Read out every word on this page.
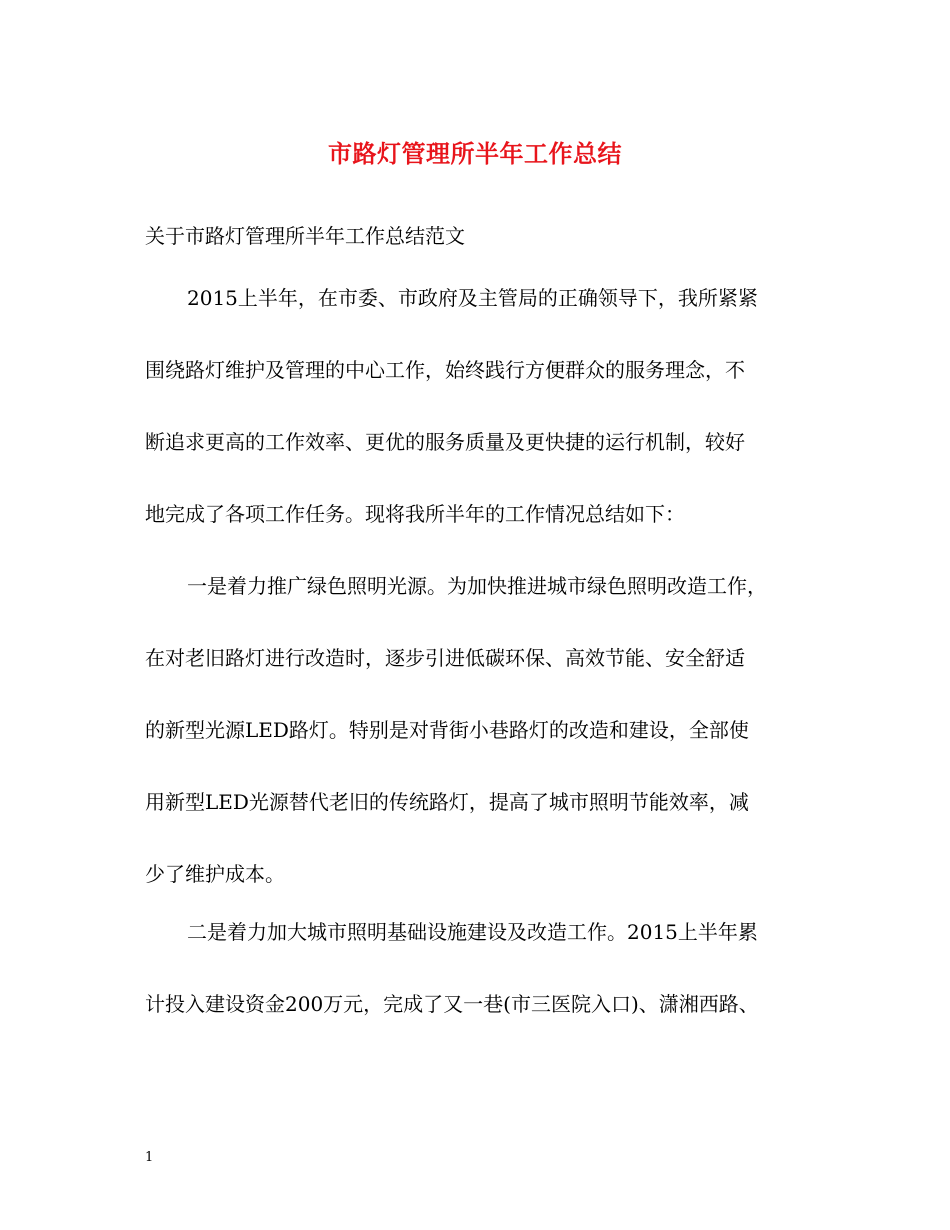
市路灯管理所半年工作总结
关于市路灯管理所半年工作总结范文
2015上半年，在市委、市政府及主管局的正确领导下，我所紧紧
围绕路灯维护及管理的中心工作，始终践行方便群众的服务理念，不
断追求更高的工作效率、更优的服务质量及更快捷的运行机制，较好
地完成了各项工作任务。现将我所半年的工作情况总结如下：
一是着力推广绿色照明光源。为加快推进城市绿色照明改造工作，
在对老旧路灯进行改造时，逐步引进低碳环保、高效节能、安全舒适
的新型光源LED路灯。特别是对背街小巷路灯的改造和建设，全部使
用新型LED光源替代老旧的传统路灯，提高了城市照明节能效率，减
少了维护成本。
二是着力加大城市照明基础设施建设及改造工作。2015上半年累
计投入建设资金200万元，完成了又一巷(市三医院入口)、潇湘西路、
1
